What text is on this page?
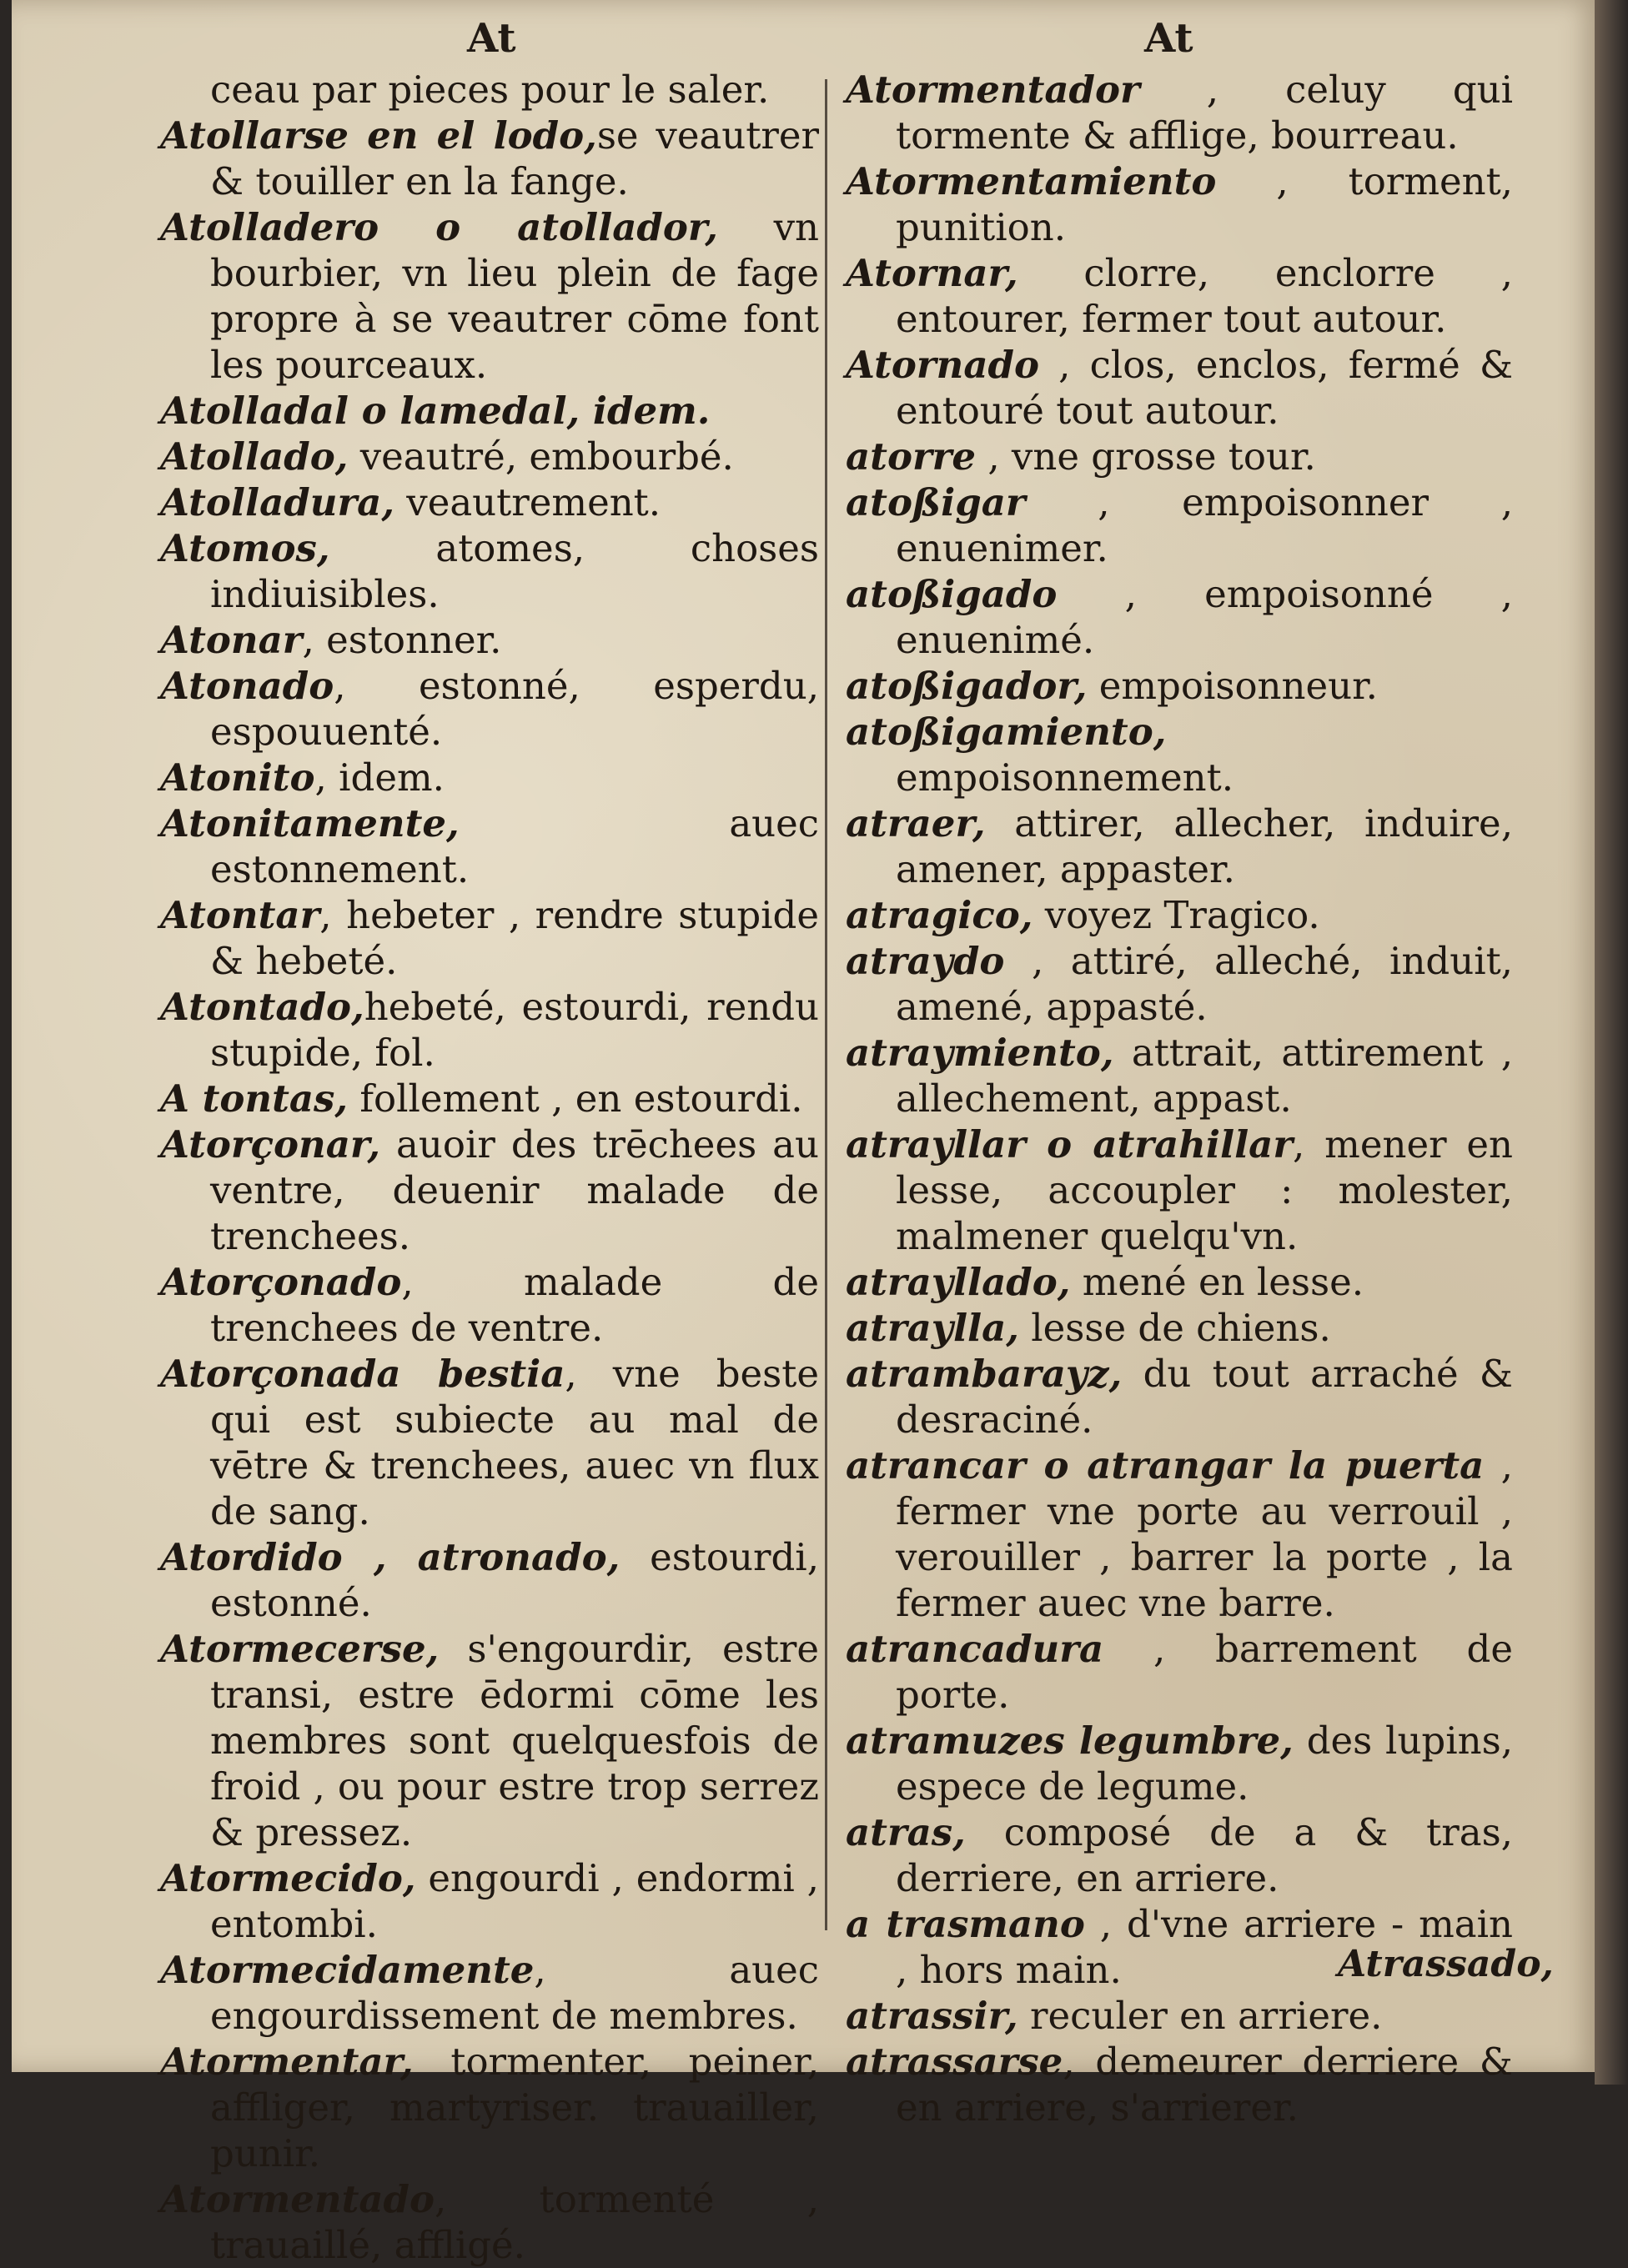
At	At

ceau par pieces pour le saler.

Atollarse en el lodo,se veautrer & touiller en la fange.

Atolladero o atollador, vn bourbier, vn lieu plein de fage propre à se veautrer cōme font les pourceaux.

Atolladal o lamedal, idem.

Atollado, veautré, embourbé.

Atolladura, veautrement.

Atomos, atomes, choses indiuisibles.

Atonar, estonner.

Atonado, estonné, esperdu, espouuenté.

Atonito, idem.

Atonitamente, auec estonnement.

Atontar, hebeter , rendre stupide & hebeté.

Atontado,hebeté, estourdi, rendu stupide, fol.

A tontas, follement , en estourdi.

Atorçonar, auoir des trēchees au ventre, deuenir malade de trenchees.

Atorçonado, malade de trenchees de ventre.

Atorçonada bestia, vne beste qui est subiecte au mal de vētre & trenchees, auec vn flux de sang.

Atordido , atronado, estourdi, estonné.

Atormecerse, s'engourdir, estre transi, estre ēdormi cōme les membres sont quelquesfois de froid , ou pour estre trop serrez & pressez.

Atormecido, engourdi , endormi , entombi.

Atormecidamente, auec engourdissement de membres.

Atormentar, tormenter, peiner, affliger, martyriser. trauailler, punir.

Atormentado, tormenté , trauaillé, affligé.

Atormentador , celuy qui tormente & afflige, bourreau.

Atormentamiento , torment, punition.

Atornar, clorre, enclorre , entourer, fermer tout autour.

Atornado , clos, enclos, fermé & entouré tout autour.

atorre , vne grosse tour.

atoßigar , empoisonner , enuenimer.

atoßigado , empoisonné , enuenimé.

atoßigador, empoisonneur.

atoßigamiento, empoisonnement.

atraer, attirer, allecher, induire, amener, appaster.

atragico, voyez Tragico.

atraydo , attiré, alleché, induit, amené, appasté.

atraymiento, attrait, attirement , allechement, appast.

atrayllar o atrahillar, mener en lesse, accoupler : molester, malmener quelqu'vn.

atrayllado, mené en lesse.

atraylla, lesse de chiens.

atrambarayz, du tout arraché & desraciné.

atrancar o atrangar la puerta , fermer vne porte au verrouil , verouiller , barrer la porte , la fermer auec vne barre.

atrancadura , barrement de porte.

atramuzes legumbre, des lupins, espece de legume.

atras, composé de a & tras, derriere, en arriere.

a trasmano , d'vne arriere - main , hors main.

atrassir, reculer en arriere.

atrassarse, demeurer derriere & en arriere, s'arrierer.

Atrassado,
